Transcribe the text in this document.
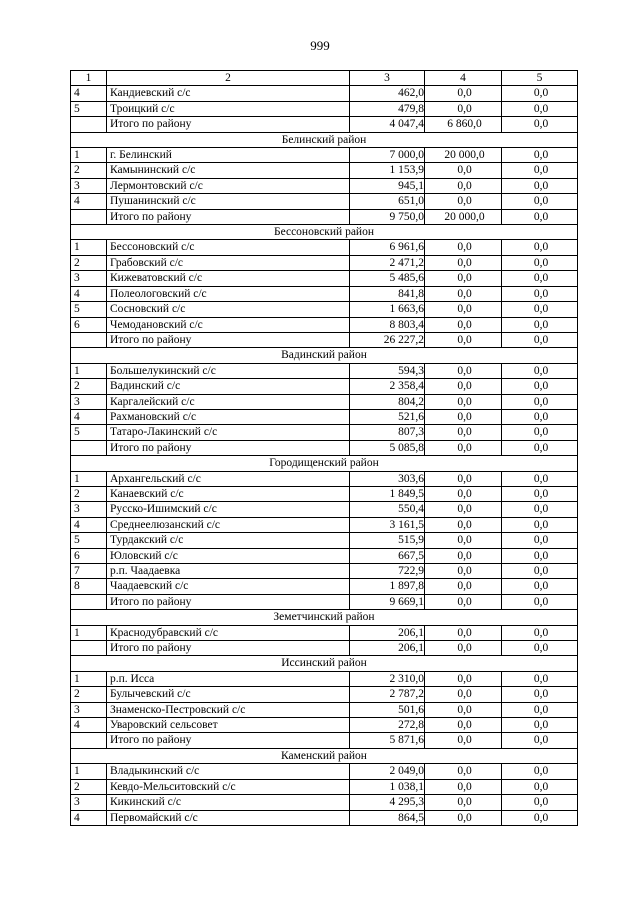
999
1	2	3	4	5
4	Кандиевский с/с	462,0	0,0	0,0
5	Троицкий с/с	479,8	0,0	0,0
	Итого по району	4 047,4	6 860,0	0,0
Белинский район				
1	г. Белинский	7 000,0	20 000,0	0,0
2	Камынинский с/с	1 153,9	0,0	0,0
3	Лермонтовский с/с	945,1	0,0	0,0
4	Пушанинский с/с	651,0	0,0	0,0
	Итого по району	9 750,0	20 000,0	0,0
Бессоновский район				
1	Бессоновский с/с	6 961,6	0,0	0,0
2	Грабовский с/с	2 471,2	0,0	0,0
3	Кижеватовский с/с	5 485,6	0,0	0,0
4	Полеологовский с/с	841,8	0,0	0,0
5	Сосновский с/с	1 663,6	0,0	0,0
6	Чемодановский с/с	8 803,4	0,0	0,0
	Итого по району	26 227,2	0,0	0,0
Вадинский район				
1	Большелукинский с/с	594,3	0,0	0,0
2	Вадинский с/с	2 358,4	0,0	0,0
3	Каргалейский с/с	804,2	0,0	0,0
4	Рахмановский с/с	521,6	0,0	0,0
5	Татаро-Лакинский с/с	807,3	0,0	0,0
	Итого по району	5 085,8	0,0	0,0
Городищенский район				
1	Архангельский с/с	303,6	0,0	0,0
2	Канаевский с/с	1 849,5	0,0	0,0
3	Русско-Ишимский с/с	550,4	0,0	0,0
4	Среднеелюзанский с/с	3 161,5	0,0	0,0
5	Турдакский с/с	515,9	0,0	0,0
6	Юловский с/с	667,5	0,0	0,0
7	р.п. Чаадаевка	722,9	0,0	0,0
8	Чаадаевский с/с	1 897,8	0,0	0,0
	Итого по району	9 669,1	0,0	0,0
Земетчинский район				
1	Краснодубравский с/с	206,1	0,0	0,0
	Итого по району	206,1	0,0	0,0
Иссинский район				
1	р.п. Исса	2 310,0	0,0	0,0
2	Булычевский с/с	2 787,2	0,0	0,0
3	Знаменско-Пестровский с/с	501,6	0,0	0,0
4	Уваровский сельсовет	272,8	0,0	0,0
	Итого по району	5 871,6	0,0	0,0
Каменский район				
1	Владыкинский с/с	2 049,0	0,0	0,0
2	Кевдо-Мельситовский с/с	1 038,1	0,0	0,0
3	Кикинский с/с	4 295,3	0,0	0,0
4	Первомайский с/с	864,5	0,0	0,0
